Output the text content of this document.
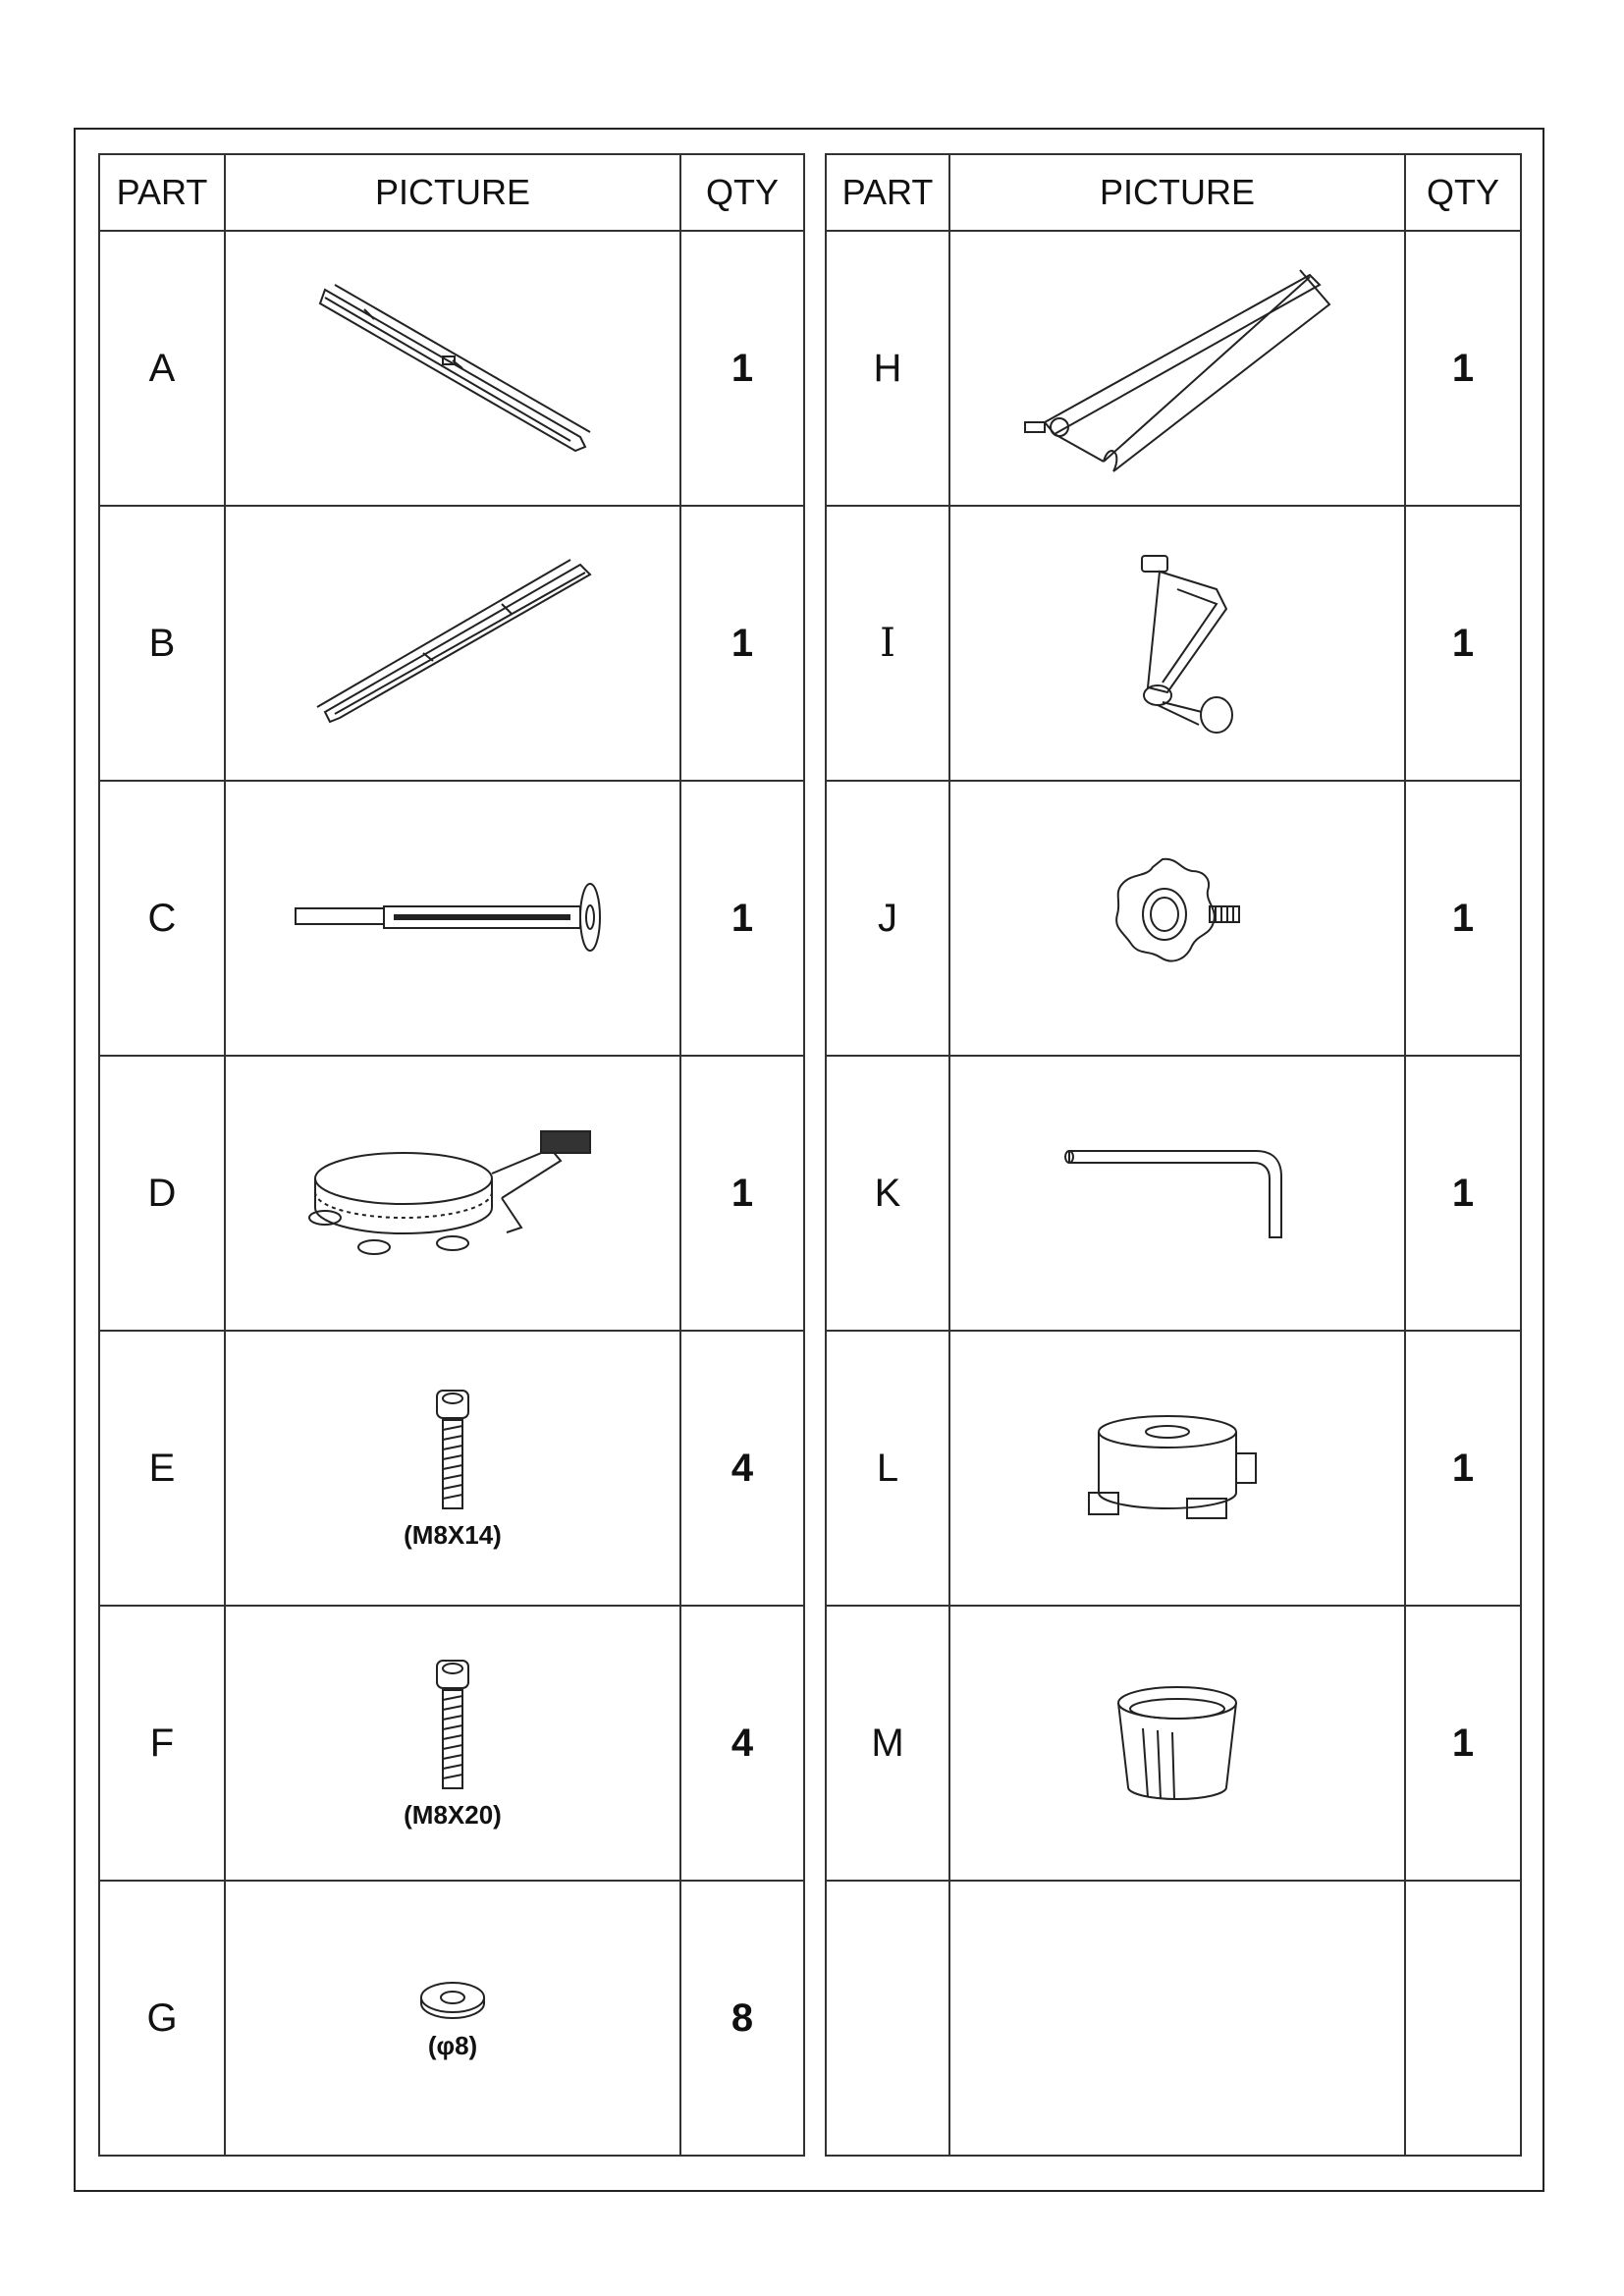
PART	PICTURE	QTY
A		1
B		1
C		1
D		1
E	(M8X14)	4
F	(M8X20)	4
G	(φ8)	8
PART	PICTURE	QTY
H		1
I		1
J		1
K		1
L		1
M		1
